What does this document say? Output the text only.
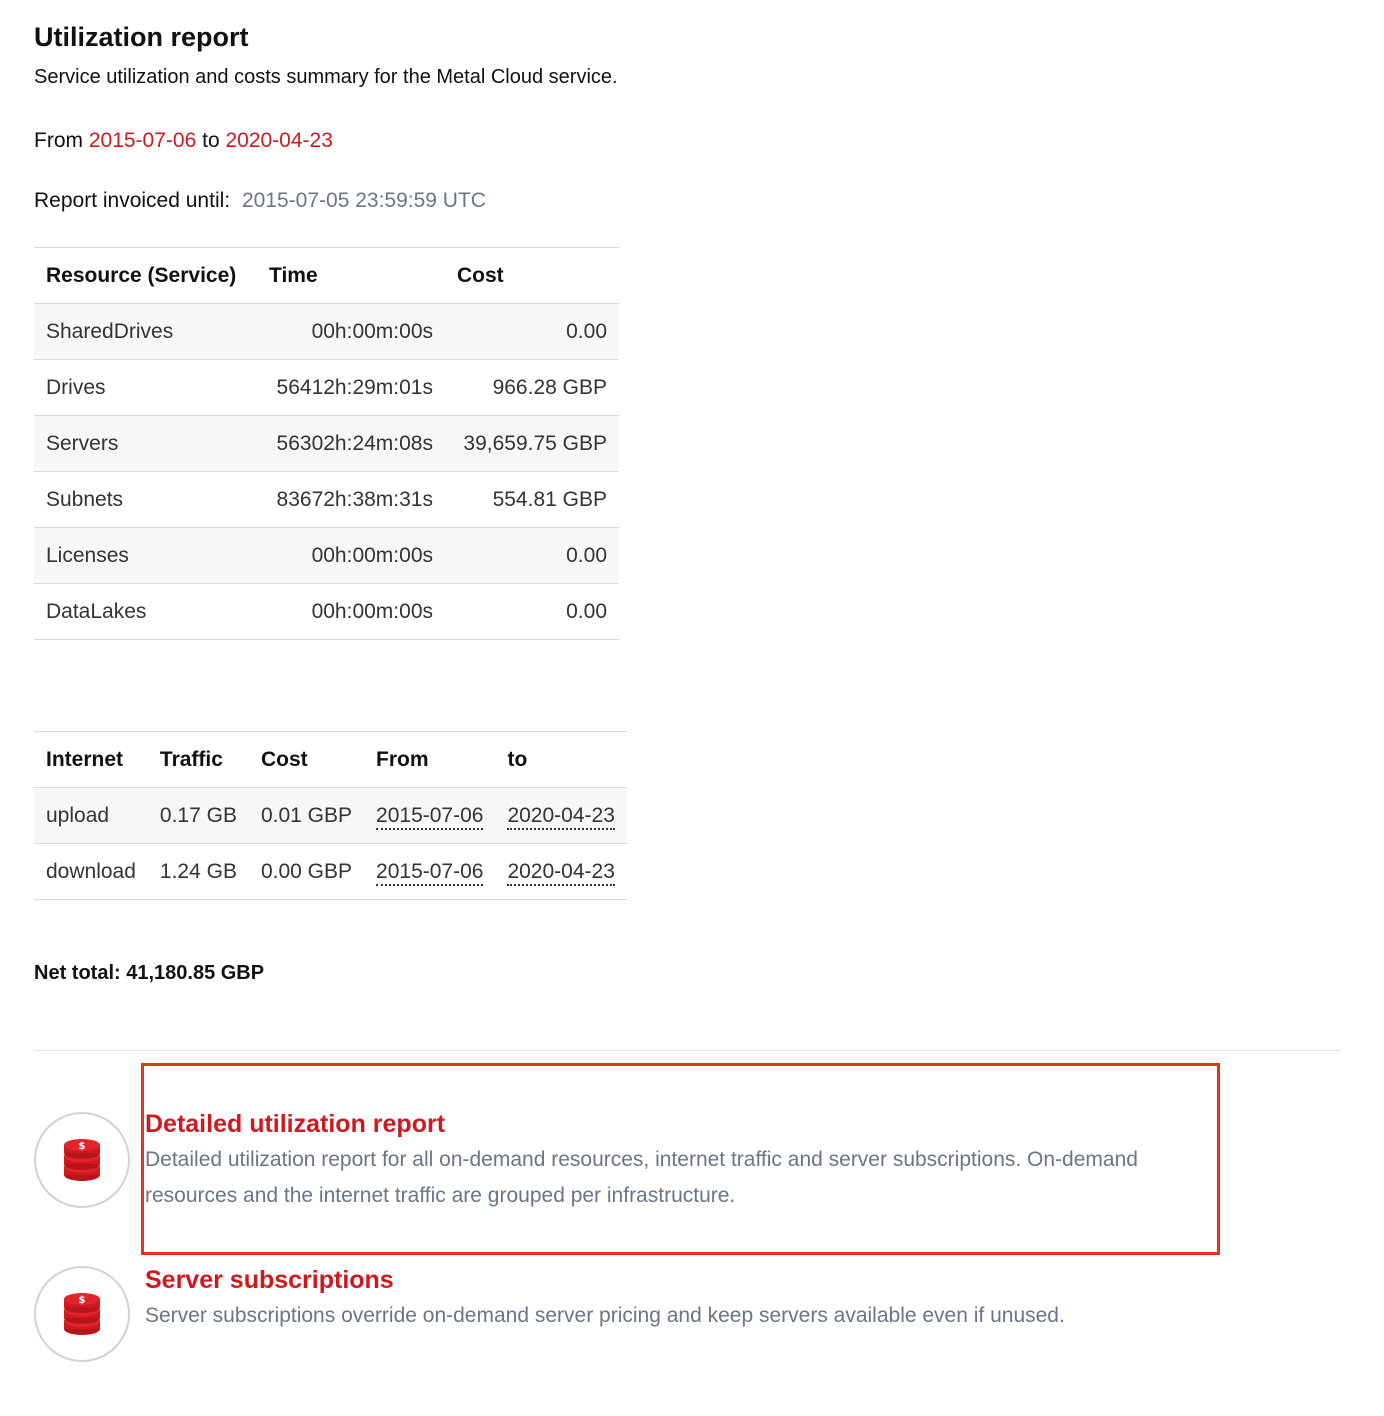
Utilization report
Service utilization and costs summary for the Metal Cloud service.
From 2015-07-06 to 2020-04-23
Report invoiced until: 2015-07-05 23:59:59 UTC
Resource (Service)	Time	Cost
SharedDrives	00h:00m:00s	0.00
Drives	56412h:29m:01s	966.28 GBP
Servers	56302h:24m:08s	39,659.75 GBP
Subnets	83672h:38m:31s	554.81 GBP
Licenses	00h:00m:00s	0.00
DataLakes	00h:00m:00s	0.00
Internet	Traffic	Cost	From	to
upload	0.17 GB	0.01 GBP	2015-07-06	2020-04-23
download	1.24 GB	0.00 GBP	2015-07-06	2020-04-23
Net total: 41,180.85 GBP
$
Detailed utilization report
Detailed utilization report for all on-demand resources, internet traffic and server subscriptions. On-demand resources and the internet traffic are grouped per infrastructure.
$
Server subscriptions
Server subscriptions override on-demand server pricing and keep servers available even if unused.
